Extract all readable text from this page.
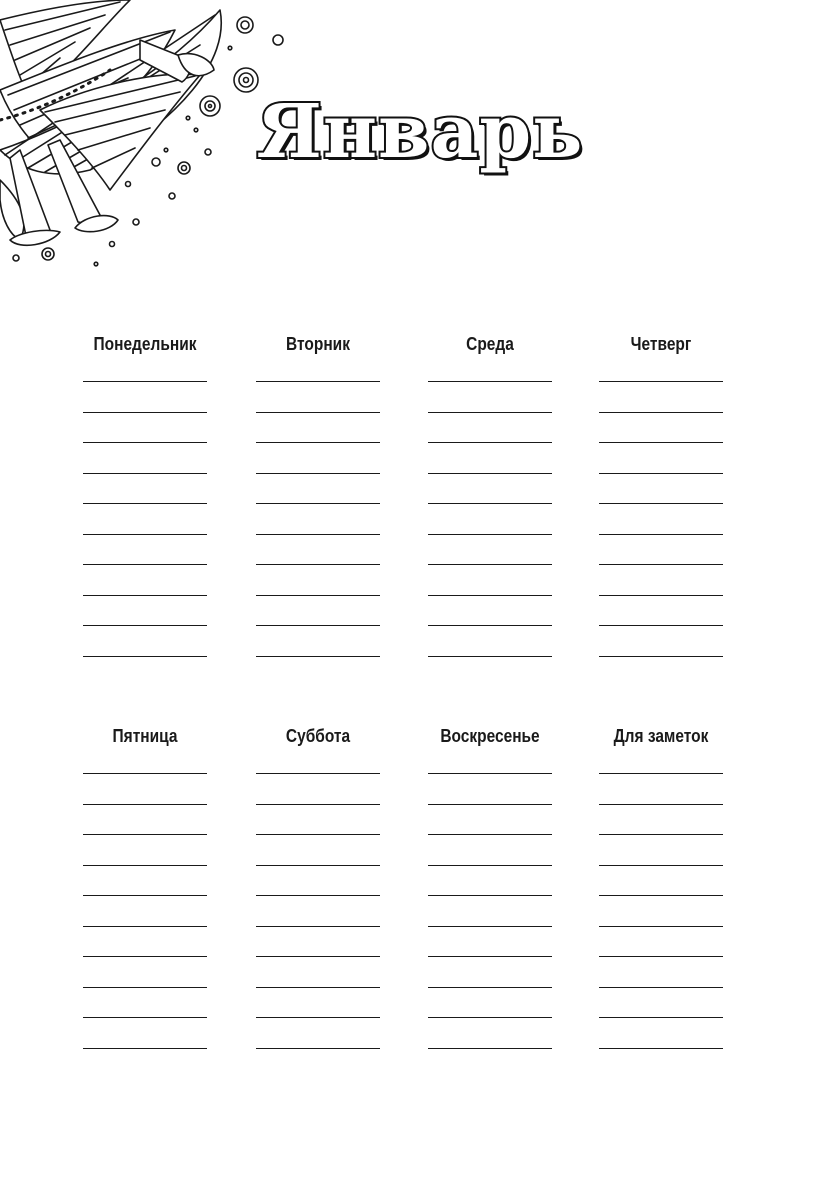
Январь
Понедельник	Вторник	Среда	Четверг
Пятница	Суббота	Воскресенье	Для заметок
